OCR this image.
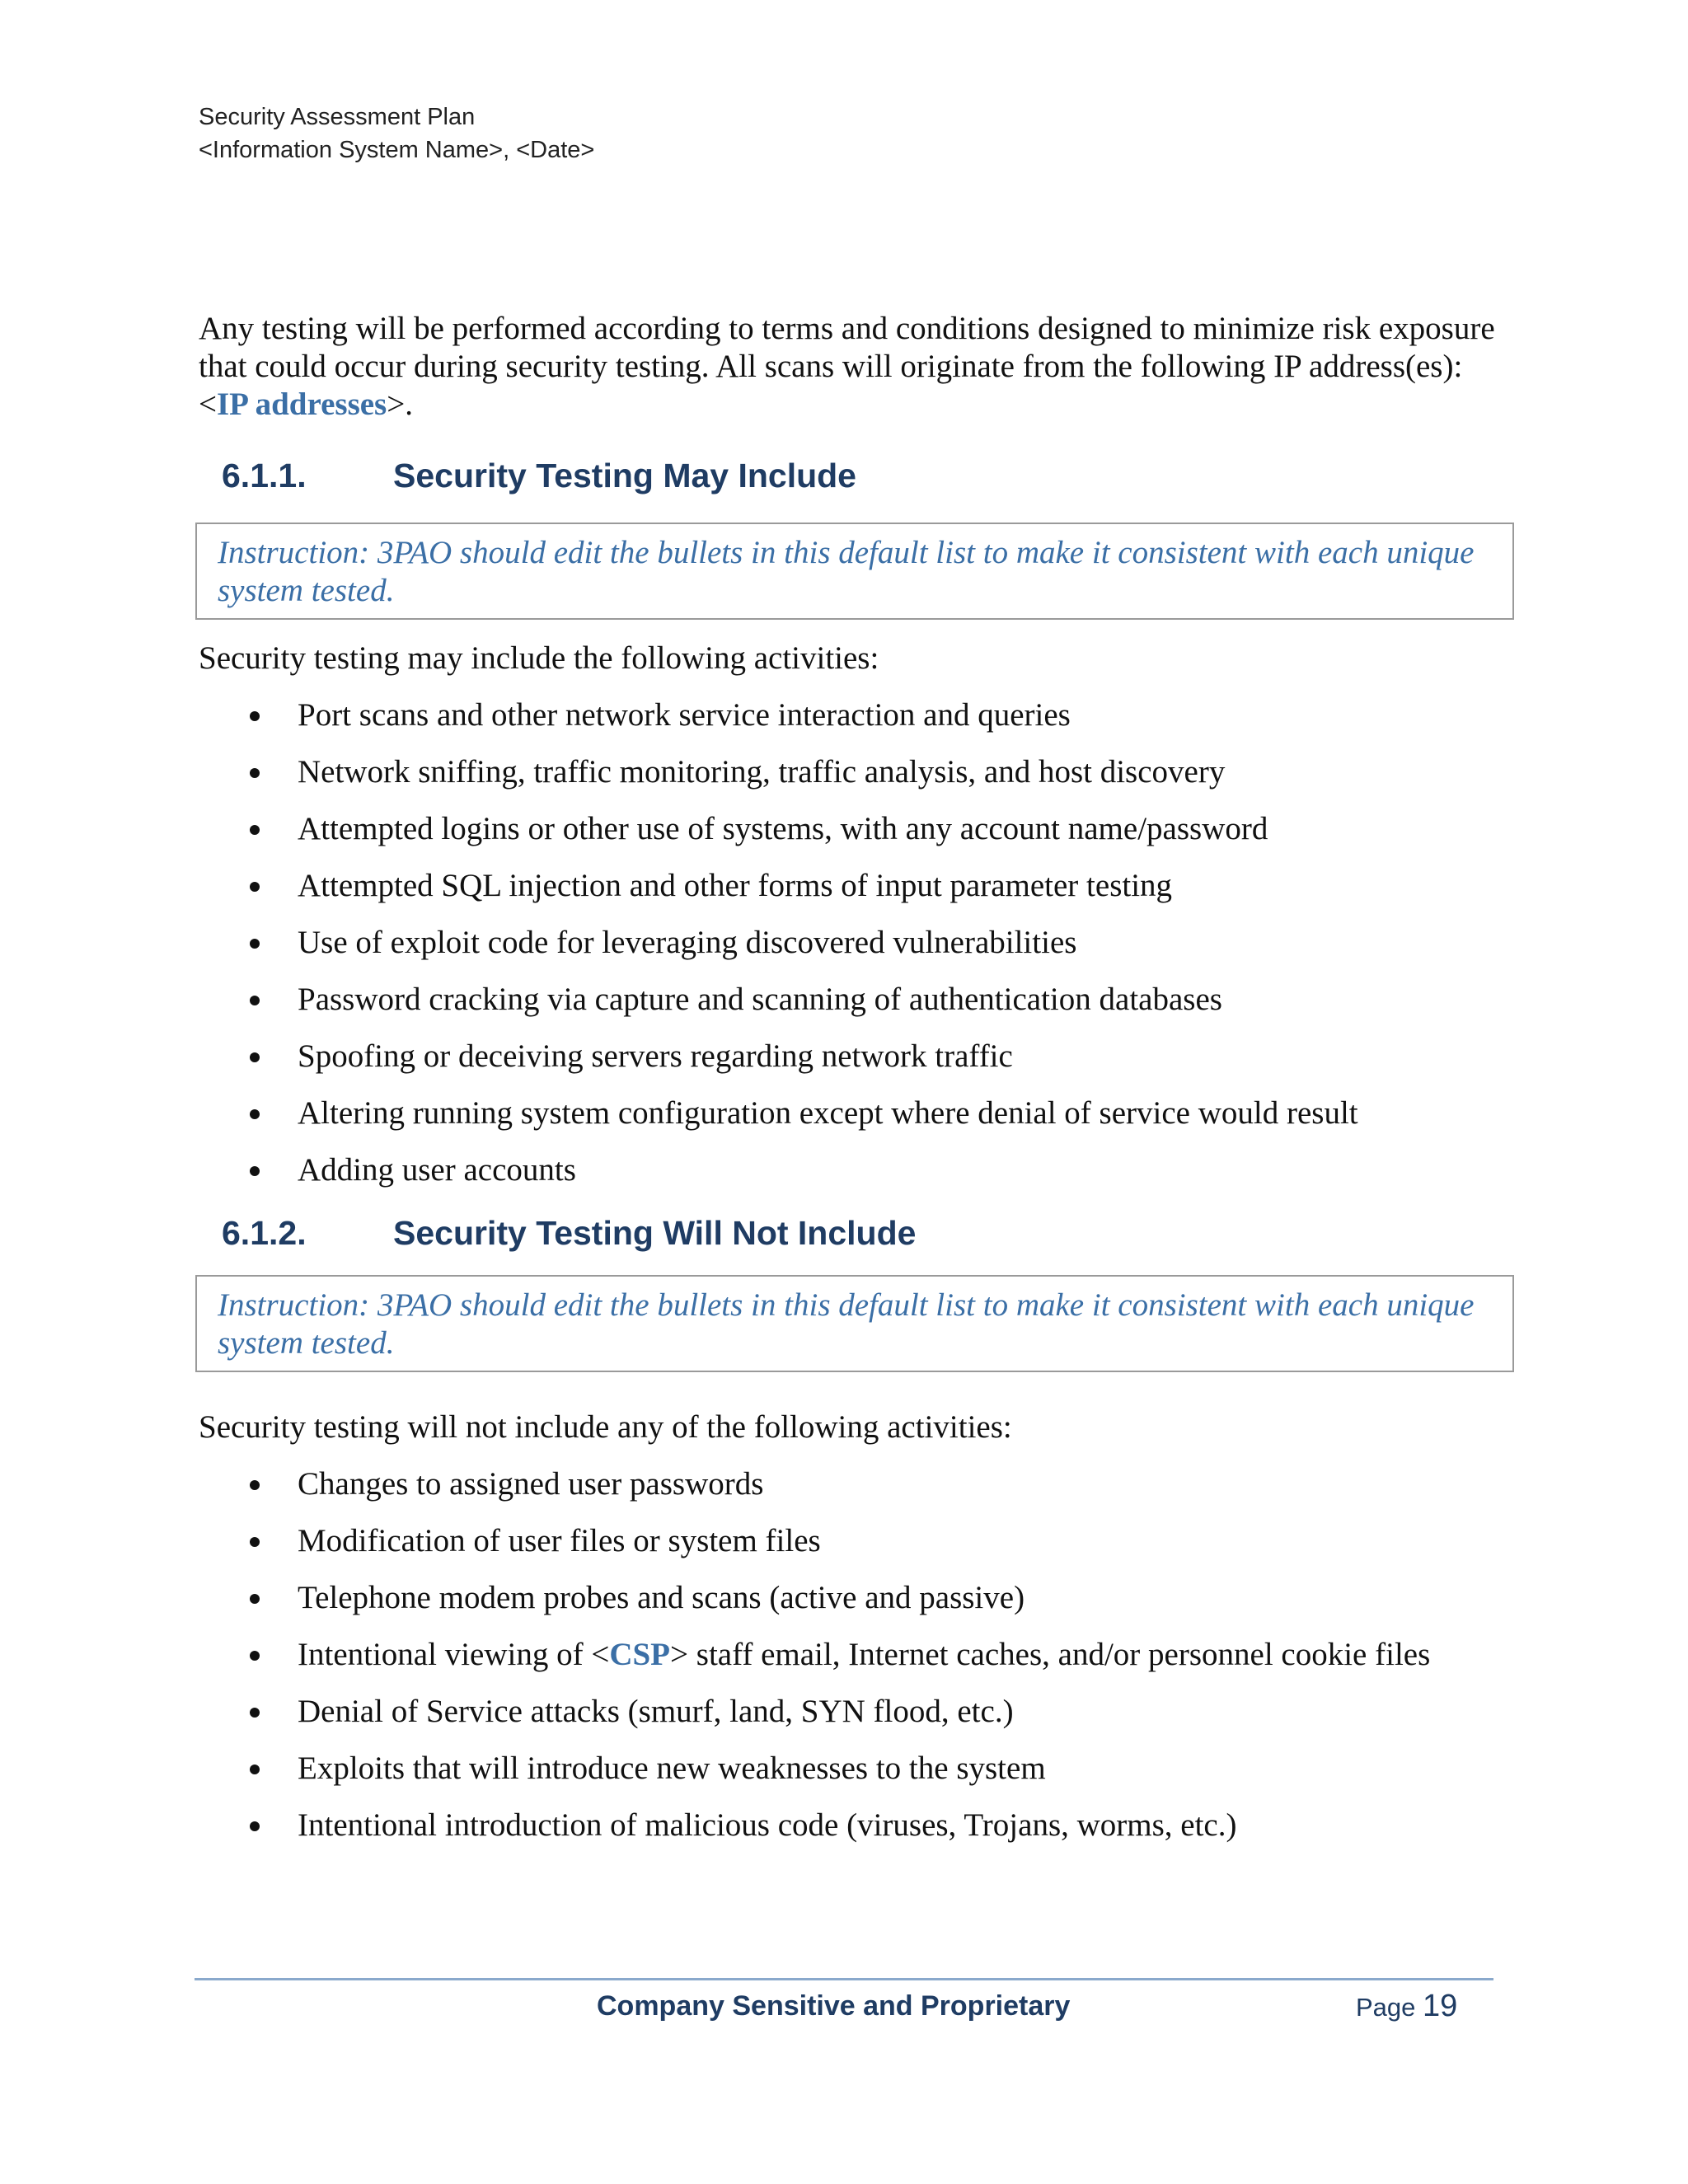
Security Assessment Plan
<Information System Name>, <Date>

Any testing will be performed according to terms and conditions designed to minimize risk exposure that could occur during security testing. All scans will originate from the following IP address(es): <IP addresses>.

6.1.1.	Security Testing May Include
Instruction: 3PAO should edit the bullets in this default list to make it consistent with each unique system tested.

Security testing may include the following activities:

Port scans and other network service interaction and queries
Network sniffing, traffic monitoring, traffic analysis, and host discovery
Attempted logins or other use of systems, with any account name/password
Attempted SQL injection and other forms of input parameter testing
Use of exploit code for leveraging discovered vulnerabilities
Password cracking via capture and scanning of authentication databases
Spoofing or deceiving servers regarding network traffic
Altering running system configuration except where denial of service would result
Adding user accounts
6.1.2.	Security Testing Will Not Include
Instruction: 3PAO should edit the bullets in this default list to make it consistent with each unique system tested.

Security testing will not include any of the following activities:

Changes to assigned user passwords
Modification of user files or system files
Telephone modem probes and scans (active and passive)
Intentional viewing of <CSP> staff email, Internet caches, and/or personnel cookie files
Denial of Service attacks (smurf, land, SYN flood, etc.)
Exploits that will introduce new weaknesses to the system
Intentional introduction of malicious code (viruses, Trojans, worms, etc.)
Company Sensitive and Proprietary	Page 19
